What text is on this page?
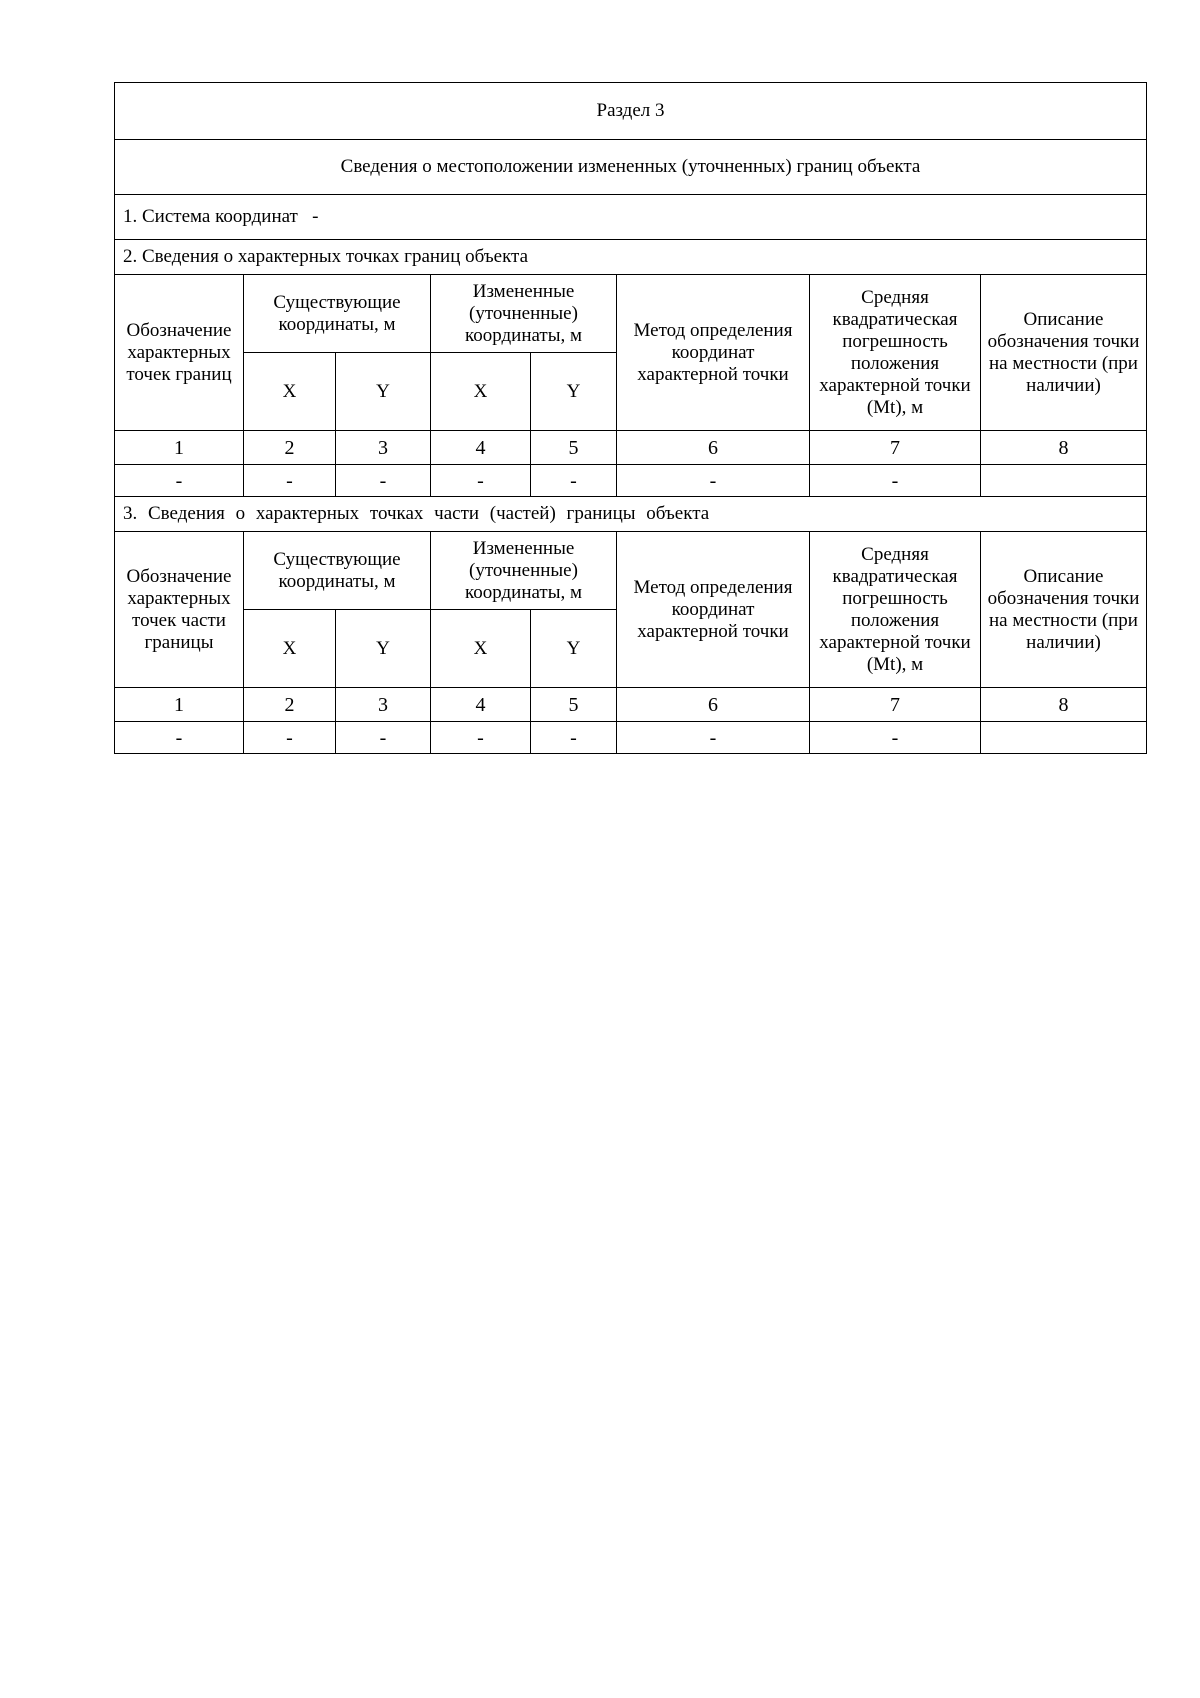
Раздел 3							
Сведения о местоположении измененных (уточненных) границ объекта							
1. Система координат -							
2. Сведения о характерных точках границ объекта							
Обозначение характерных точек границ	Существующие координаты, м		Измененные (уточненные) координаты, м		Метод определения координат характерной точки	Средняя квадратическая погрешность положения характерной точки (Mt), м	Описание обозначения точки на местности (при наличии)
	X	Y	X	Y			
1	2	3	4	5	6	7	8
-	-	-	-	-	-	-	
3. Сведения о характерных точках части (частей) границы объекта							
Обозначение характерных точек части границы	Существующие координаты, м		Измененные (уточненные) координаты, м		Метод определения координат характерной точки	Средняя квадратическая погрешность положения характерной точки (Mt), м	Описание обозначения точки на местности (при наличии)
	X	Y	X	Y			
1	2	3	4	5	6	7	8
-	-	-	-	-	-	-	
